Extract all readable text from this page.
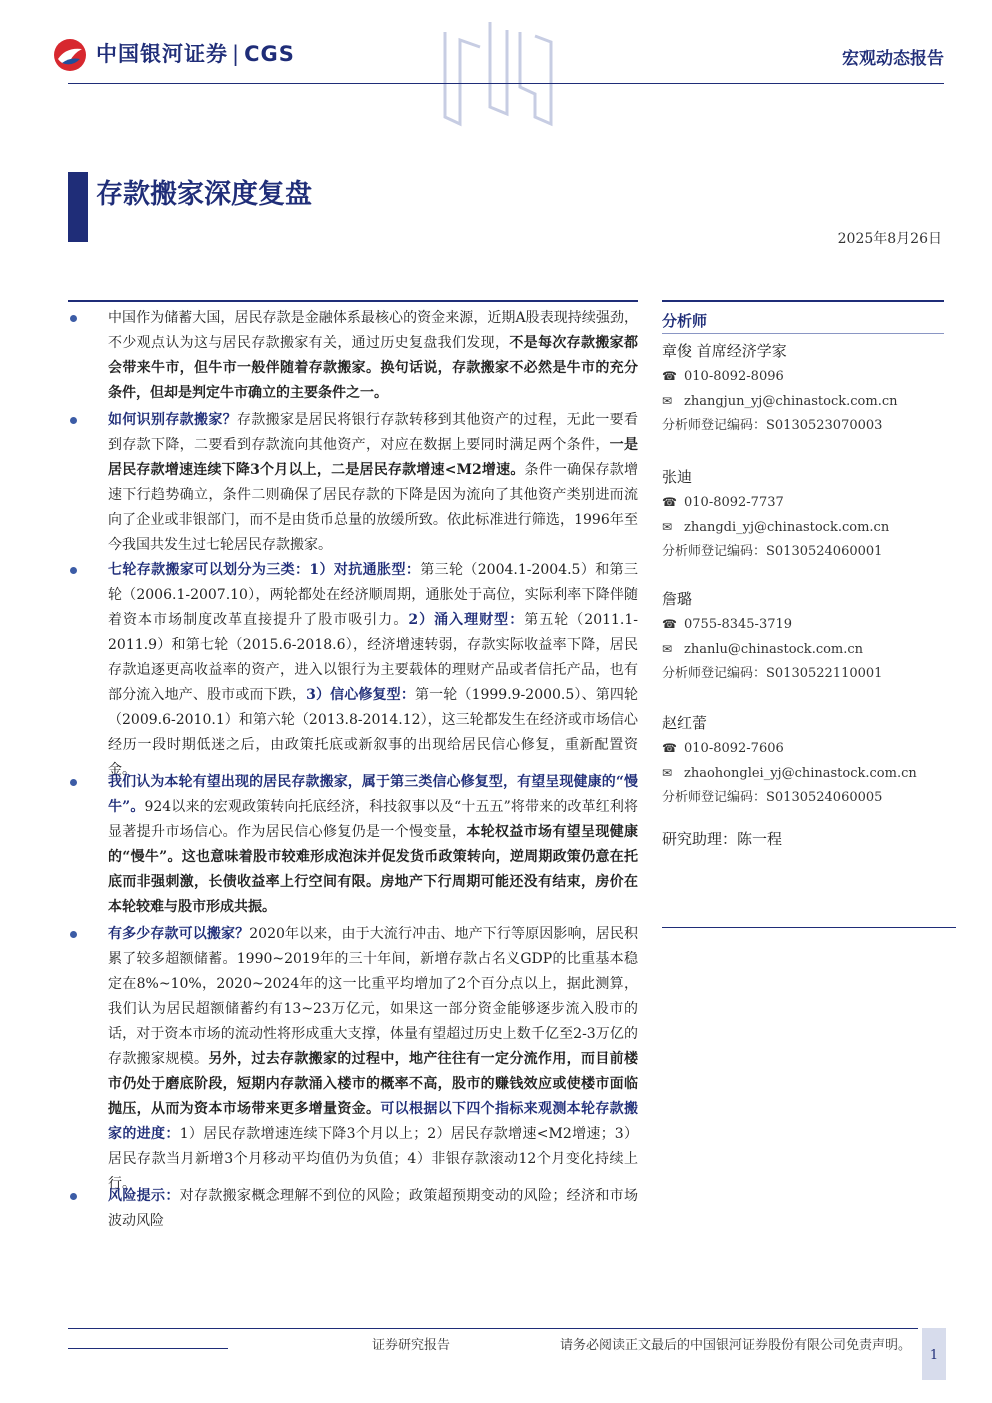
中国银河证券 | CGS	宏观动态报告
存款搬家深度复盘
2025年8月26日
中国作为储蓄大国，居民存款是金融体系最核心的资金来源，近期A股表现持续强劲，不少观点认为这与居民存款搬家有关，通过历史复盘我们发现，不是每次存款搬家都会带来牛市，但牛市一般伴随着存款搬家。换句话说，存款搬家不必然是牛市的充分条件，但却是判定牛市确立的主要条件之一。
如何识别存款搬家？存款搬家是居民将银行存款转移到其他资产的过程，无此一要看到存款下降，二要看到存款流向其他资产，对应在数据上要同时满足两个条件，一是居民存款增速连续下降3个月以上，二是居民存款增速<M2增速。条件一确保存款增速下行趋势确立，条件二则确保了居民存款的下降是因为流向了其他资产类别进而流向了企业或非银部门，而不是由货币总量的放缓所致。依此标准进行筛选，1996年至今我国共发生过七轮居民存款搬家。
七轮存款搬家可以划分为三类：1）对抗通胀型：第三轮（2004.1-2004.5）和第三轮（2006.1-2007.10），两轮都处在经济顺周期，通胀处于高位，实际利率下降伴随着资本市场制度改革直接提升了股市吸引力。2）涌入理财型：第五轮（2011.1-2011.9）和第七轮（2015.6-2018.6），经济增速转弱，存款实际收益率下降，居民存款追逐更高收益率的资产，进入以银行为主要载体的理财产品或者信托产品，也有部分流入地产、股市或而下跌，3）信心修复型：第一轮（1999.9-2000.5）、第四轮（2009.6-2010.1）和第六轮（2013.8-2014.12），这三轮都发生在经济或市场信心经历一段时期低迷之后，由政策托底或新叙事的出现给居民信心修复，重新配置资金。
我们认为本轮有望出现的居民存款搬家，属于第三类信心修复型，有望呈现健康的“慢牛”。924以来的宏观政策转向托底经济，科技叙事以及“十五五”将带来的改革红利将显著提升市场信心。作为居民信心修复仍是一个慢变量，本轮权益市场有望呈现健康的“慢牛”。这也意味着股市较难形成泡沫并促发货币政策转向，逆周期政策仍意在托底而非强刺激，长债收益率上行空间有限。房地产下行周期可能还没有结束，房价在本轮较难与股市形成共振。
有多少存款可以搬家？2020年以来，由于大流行冲击、地产下行等原因影响，居民积累了较多超额储蓄。1990~2019年的三十年间，新增存款占名义GDP的比重基本稳定在8%~10%，2020~2024年的这一比重平均增加了2个百分点以上，据此测算，我们认为居民超额储蓄约有13~23万亿元，如果这一部分资金能够逐步流入股市的话，对于资本市场的流动性将形成重大支撑，体量有望超过历史上数千亿至2-3万亿的存款搬家规模。另外，过去存款搬家的过程中，地产往往有一定分流作用，而目前楼市仍处于磨底阶段，短期内存款涌入楼市的概率不高，股市的赚钱效应或使楼市面临抛压，从而为资本市场带来更多增量资金。可以根据以下四个指标来观测本轮存款搬家的进度：1）居民存款增速连续下降3个月以上；2）居民存款增速<M2增速；3）居民存款当月新增3个月移动平均值仍为负值；4）非银存款滚动12个月变化持续上行。
风险提示：对存款搬家概念理解不到位的风险；政策超预期变动的风险；经济和市场波动风险
分析师
章俊 首席经济学家
☎ 010-8092-8096
✉ zhangjun_yj@chinastock.com.cn
分析师登记编码：S0130523070003
张迪
☎ 010-8092-7737
✉ zhangdi_yj@chinastock.com.cn
分析师登记编码：S0130524060001
詹璐
☎ 0755-8345-3719
✉ zhanlu@chinastock.com.cn
分析师登记编码：S0130522110001
赵红蕾
☎ 010-8092-7606
✉ zhaohonglei_yj@chinastock.com.cn
分析师登记编码：S0130524060005
研究助理：陈一程
证券研究报告	请务必阅读正文最后的中国银河证券股份有限公司免责声明。
1
